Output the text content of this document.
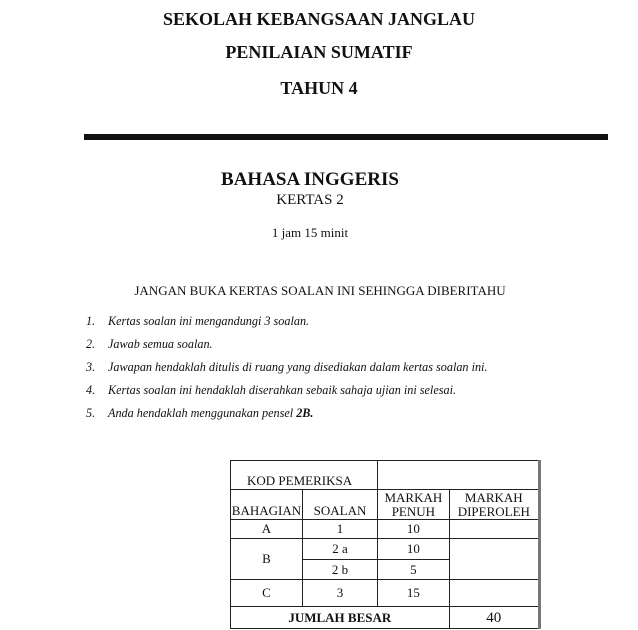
SEKOLAH KEBANGSAAN JANGLAU
PENILAIAN SUMATIF
TAHUN 4
BAHASA INGGERIS
KERTAS 2
1 jam 15 minit
JANGAN BUKA KERTAS SOALAN INI SEHINGGA DIBERITAHU
1. Kertas soalan ini mengandungi 3 soalan.
2. Jawab semua soalan.
3. Jawapan hendaklah ditulis di ruang yang disediakan dalam kertas soalan ini.
4. Kertas soalan ini hendaklah diserahkan sebaik sahaja ujian ini selesai.
5. Anda hendaklah menggunakan pensel 2B.
KOD PEMERIKSA			
BAHAGIAN	SOALAN	MARKAH PENUH	MARKAH DIPEROLEH
A	1	10	
B	2 a	10	
	2 b	5	
C	3	15	
JUMLAH BESAR			40
